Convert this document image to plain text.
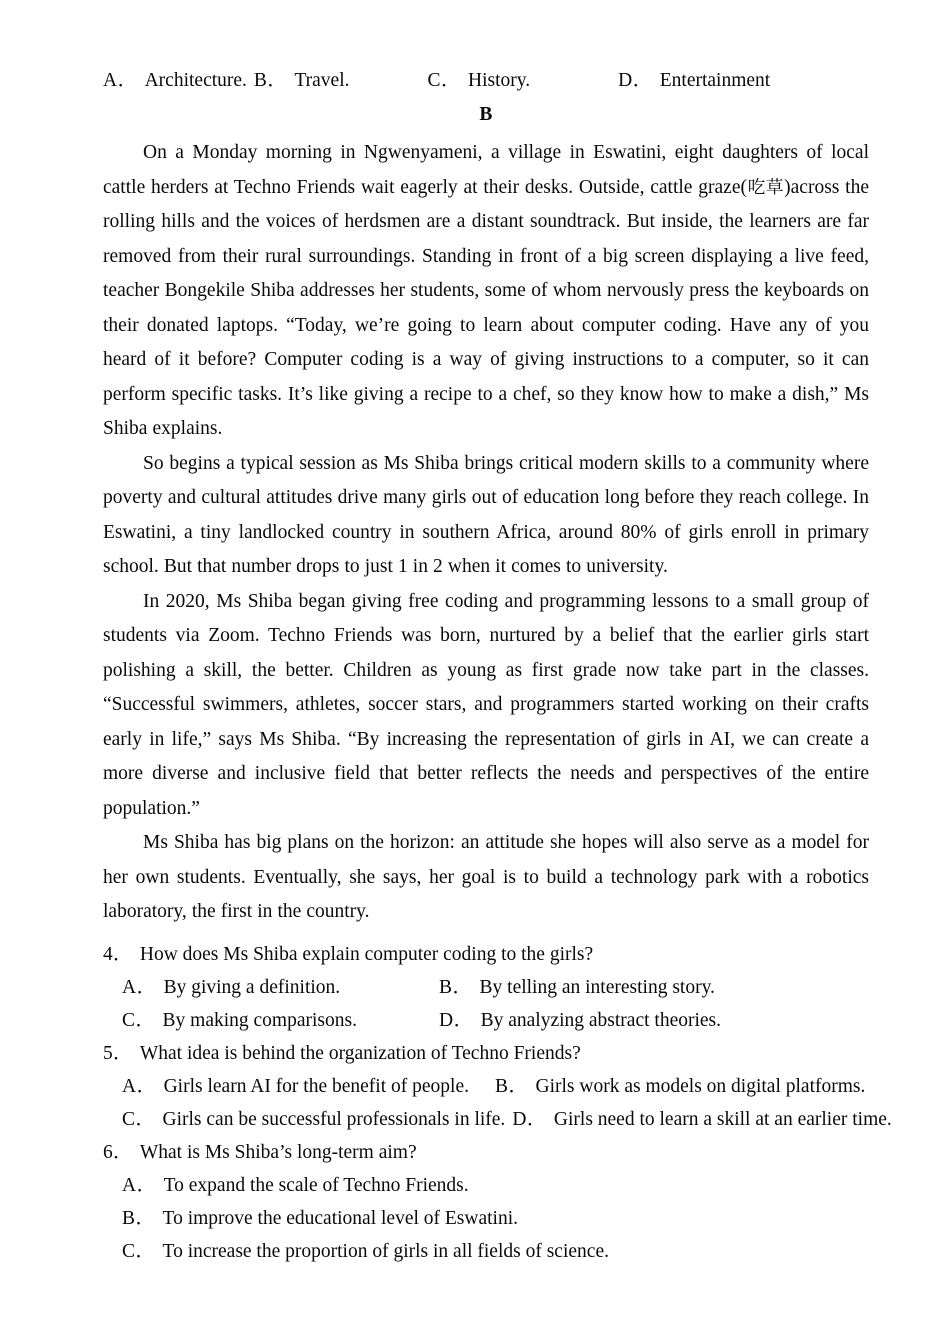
A． Architecture. B． Travel.	C． History.	D． Entertainment
B

On a Monday morning in Ngwenyameni, a village in Eswatini, eight daughters of local cattle herders at Techno Friends wait eagerly at their desks. Outside, cattle graze(吃草)across the rolling hills and the voices of herdsmen are a distant soundtrack. But inside, the learners are far removed from their rural surroundings. Standing in front of a big screen displaying a live feed, teacher Bongekile Shiba addresses her students, some of whom nervously press the keyboards on their donated laptops. “Today, we’re going to learn about computer coding. Have any of you heard of it before? Computer coding is a way of giving instructions to a computer, so it can perform specific tasks. It’s like giving a recipe to a chef, so they know how to make a dish,” Ms Shiba explains.

So begins a typical session as Ms Shiba brings critical modern skills to a community where poverty and cultural attitudes drive many girls out of education long before they reach college. In Eswatini, a tiny landlocked country in southern Africa, around 80% of girls enroll in primary school. But that number drops to just 1 in 2 when it comes to university.

In 2020, Ms Shiba began giving free coding and programming lessons to a small group of students via Zoom. Techno Friends was born, nurtured by a belief that the earlier girls start polishing a skill, the better. Children as young as first grade now take part in the classes. “Successful swimmers, athletes, soccer stars, and programmers started working on their crafts early in life,” says Ms Shiba. “By increasing the representation of girls in AI, we can create a more diverse and inclusive field that better reflects the needs and perspectives of the entire population.”

Ms Shiba has big plans on the horizon: an attitude she hopes will also serve as a model for her own students. Eventually, she says, her goal is to build a technology park with a robotics laboratory, the first in the country.

4． How does Ms Shiba explain computer coding to the girls?
A． By giving a definition.	B． By telling an interesting story.
C． By making comparisons.	D． By analyzing abstract theories.
5． What idea is behind the organization of Techno Friends?
A． Girls learn AI for the benefit of people. B． Girls work as models on digital platforms.
C． Girls can be successful professionals in life. D． Girls need to learn a skill at an earlier time.
6． What is Ms Shiba’s long-term aim?
A． To expand the scale of Techno Friends.
B． To improve the educational level of Eswatini.
C． To increase the proportion of girls in all fields of science.
